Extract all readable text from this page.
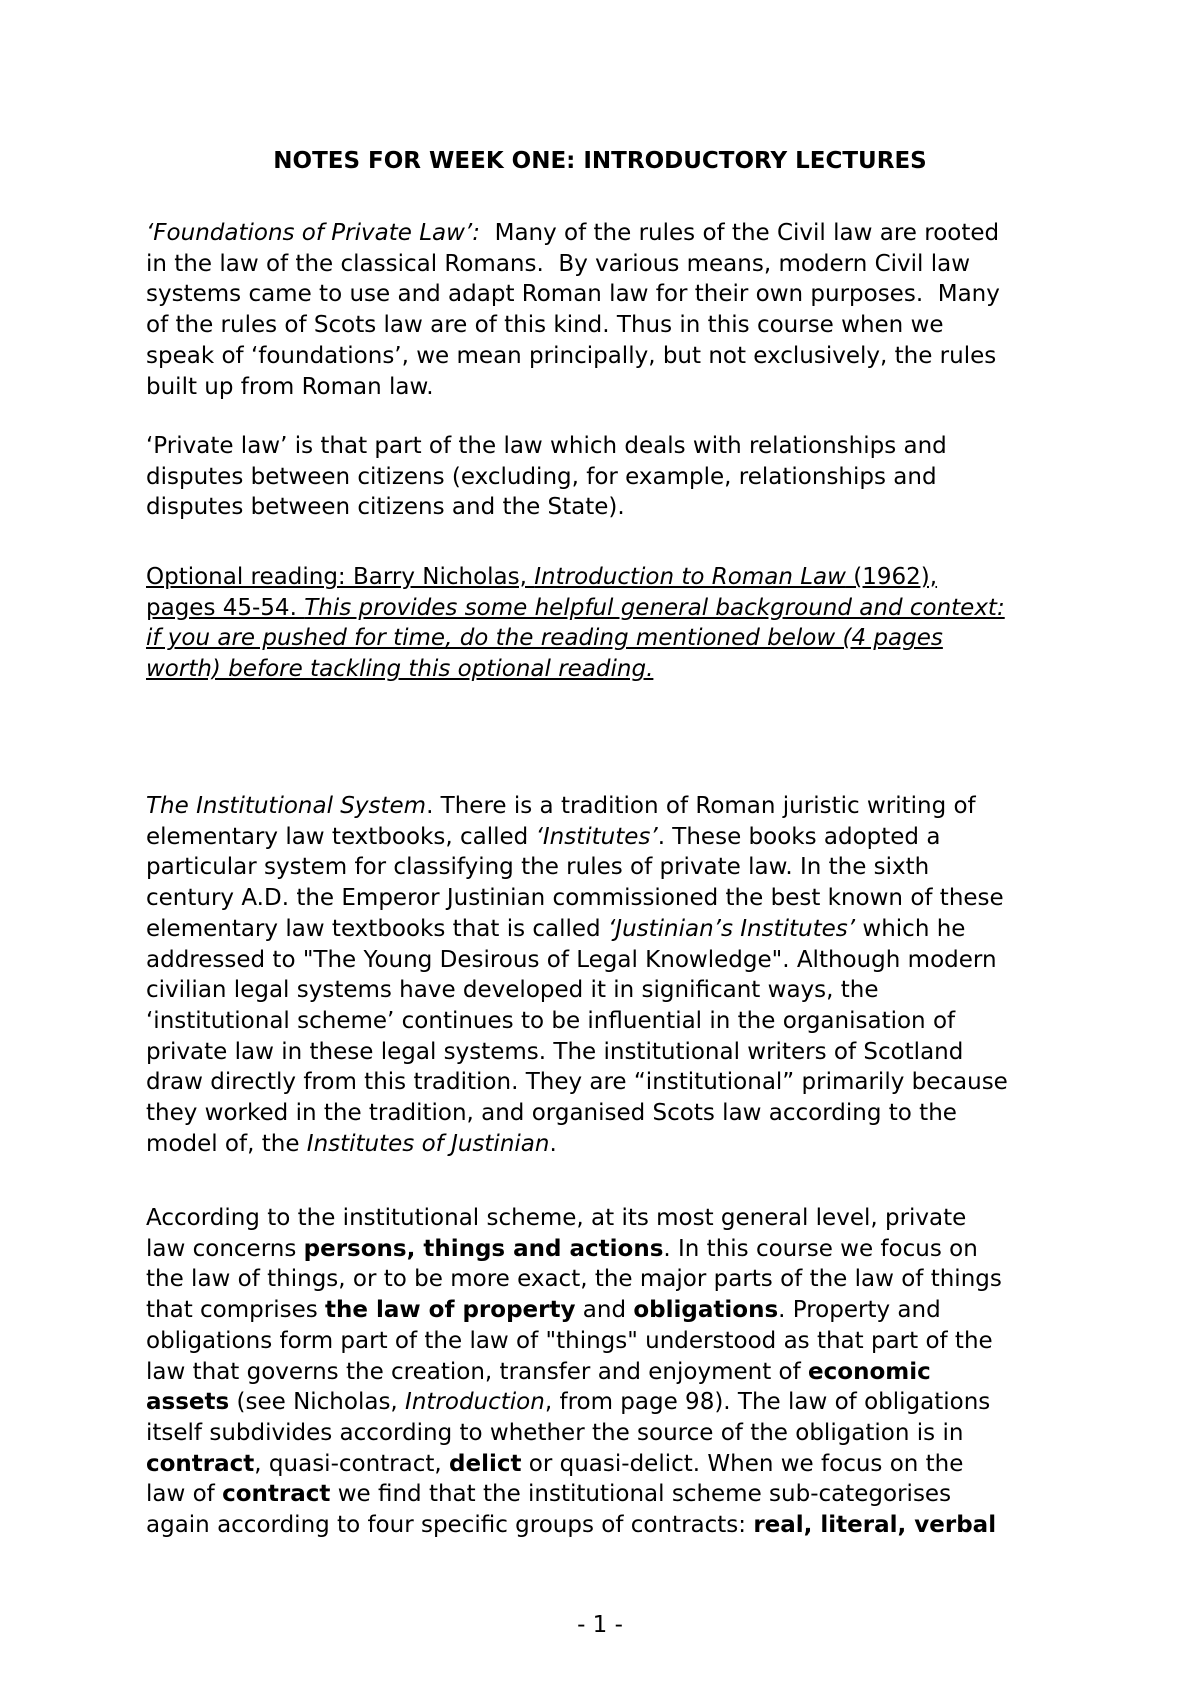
NOTES FOR WEEK ONE: INTRODUCTORY LECTURES
‘Foundations of Private Law’:  Many of the rules of the Civil law are rooted
in the law of the classical Romans.  By various means, modern Civil law
systems came to use and adapt Roman law for their own purposes.  Many
of the rules of Scots law are of this kind. Thus in this course when we
speak of ‘foundations’, we mean principally, but not exclusively, the rules
built up from Roman law.
‘Private law’ is that part of the law which deals with relationships and
disputes between citizens (excluding, for example, relationships and
disputes between citizens and the State).
Optional reading: Barry Nicholas, Introduction to Roman Law (1962),
pages 45-54. This provides some helpful general background and context:
if you are pushed for time, do the reading mentioned below (4 pages
worth) before tackling this optional reading.
The Institutional System. There is a tradition of Roman juristic writing of
elementary law textbooks, called ‘Institutes’. These books adopted a
particular system for classifying the rules of private law. In the sixth
century A.D. the Emperor Justinian commissioned the best known of these
elementary law textbooks that is called ‘Justinian’s Institutes’ which he
addressed to "The Young Desirous of Legal Knowledge". Although modern
civilian legal systems have developed it in significant ways, the
‘institutional scheme’ continues to be influential in the organisation of
private law in these legal systems. The institutional writers of Scotland
draw directly from this tradition. They are “institutional” primarily because
they worked in the tradition, and organised Scots law according to the
model of, the Institutes of Justinian.
According to the institutional scheme, at its most general level, private
law concerns persons, things and actions. In this course we focus on
the law of things, or to be more exact, the major parts of the law of things
that comprises the law of property and obligations. Property and
obligations form part of the law of "things" understood as that part of the
law that governs the creation, transfer and enjoyment of economic
assets (see Nicholas, Introduction, from page 98). The law of obligations
itself subdivides according to whether the source of the obligation is in
contract, quasi-contract, delict or quasi-delict. When we focus on the
law of contract we find that the institutional scheme sub-categorises
again according to four specific groups of contracts: real, literal, verbal
- 1 -
